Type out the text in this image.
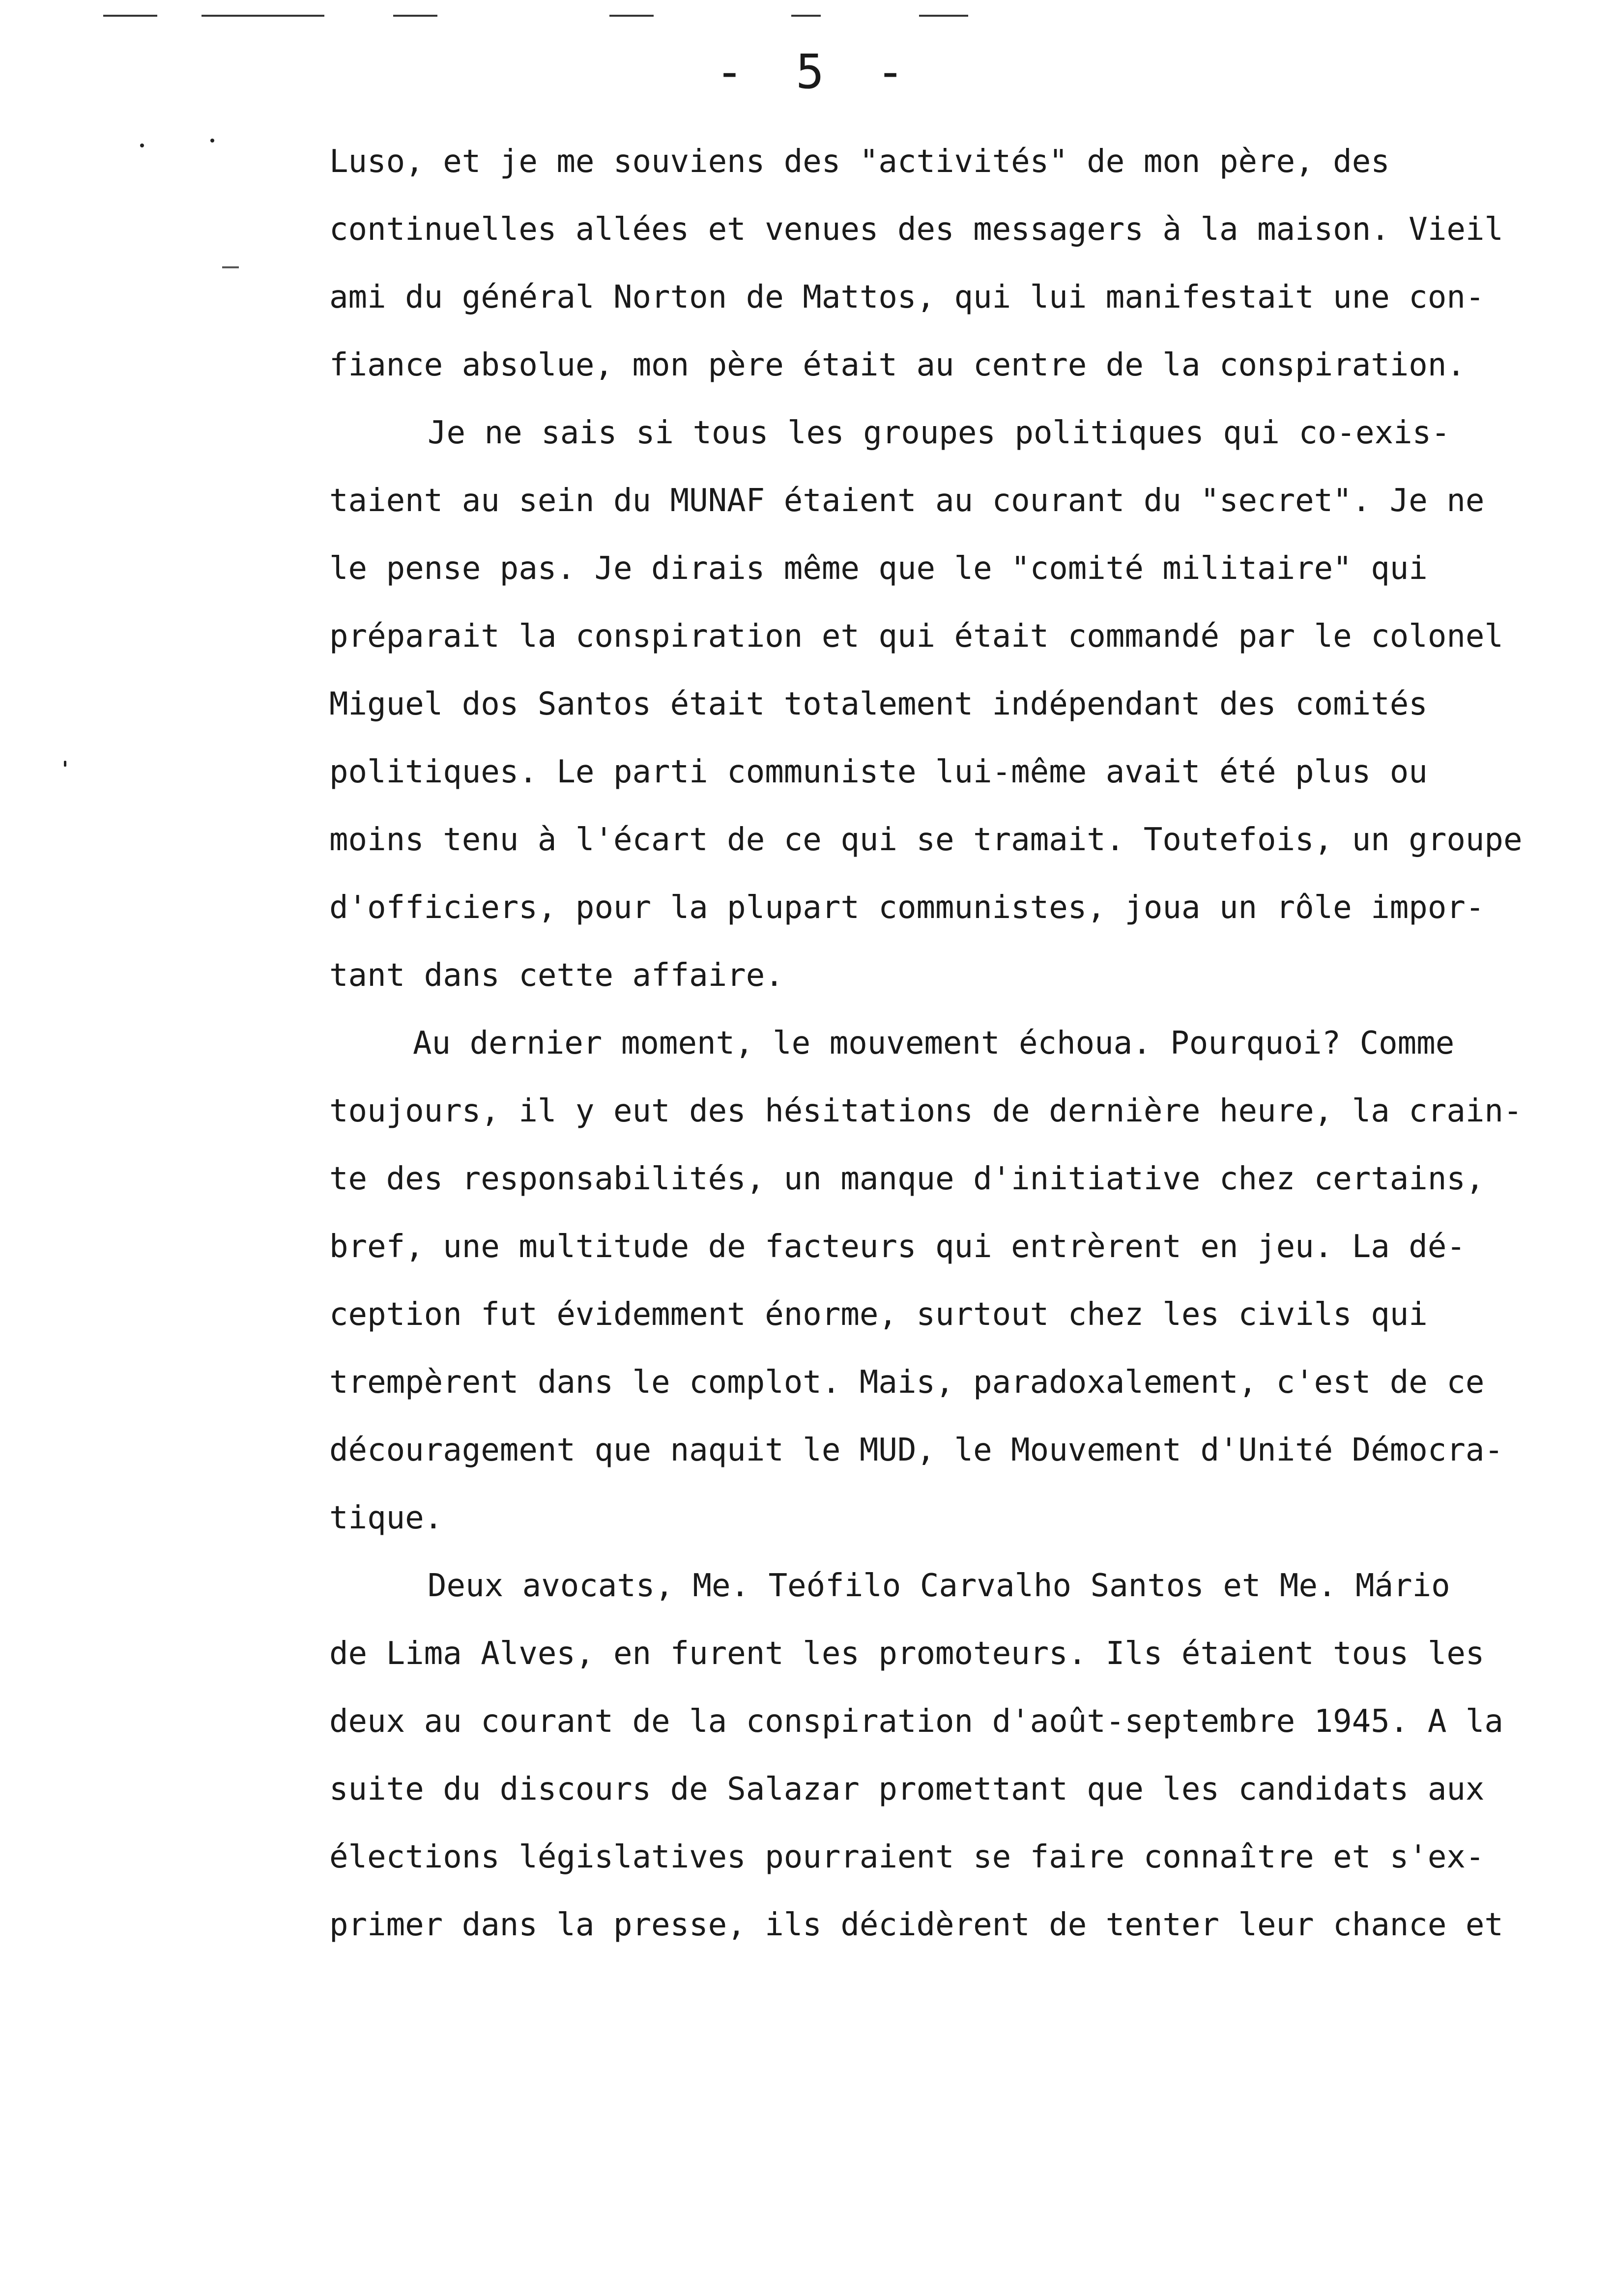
- 5 -
Luso, et je me souviens des "activités" de mon père, des
continuelles allées et venues des messagers à la maison. Vieil
ami du général Norton de Mattos, qui lui manifestait une con-
fiance absolue, mon père était au centre de la conspiration.
Je ne sais si tous les groupes politiques qui co-exis-
taient au sein du MUNAF étaient au courant du "secret". Je ne
le pense pas. Je dirais même que le "comité militaire" qui
préparait la conspiration et qui était commandé par le colonel
Miguel dos Santos était totalement indépendant des comités
politiques. Le parti communiste lui-même avait été plus ou
moins tenu à l'écart de ce qui se tramait. Toutefois, un groupe
d'officiers, pour la plupart communistes, joua un rôle impor-
tant dans cette affaire.
Au dernier moment, le mouvement échoua. Pourquoi? Comme
toujours, il y eut des hésitations de dernière heure, la crain-
te des responsabilités, un manque d'initiative chez certains,
bref, une multitude de facteurs qui entrèrent en jeu. La dé-
ception fut évidemment énorme, surtout chez les civils qui
trempèrent dans le complot. Mais, paradoxalement, c'est de ce
découragement que naquit le MUD, le Mouvement d'Unité Démocra-
tique.
Deux avocats, Me. Teófilo Carvalho Santos et Me. Mário
de Lima Alves, en furent les promoteurs. Ils étaient tous les
deux au courant de la conspiration d'août-septembre 1945. A la
suite du discours de Salazar promettant que les candidats aux
élections législatives pourraient se faire connaître et s'ex-
primer dans la presse, ils décidèrent de tenter leur chance et
